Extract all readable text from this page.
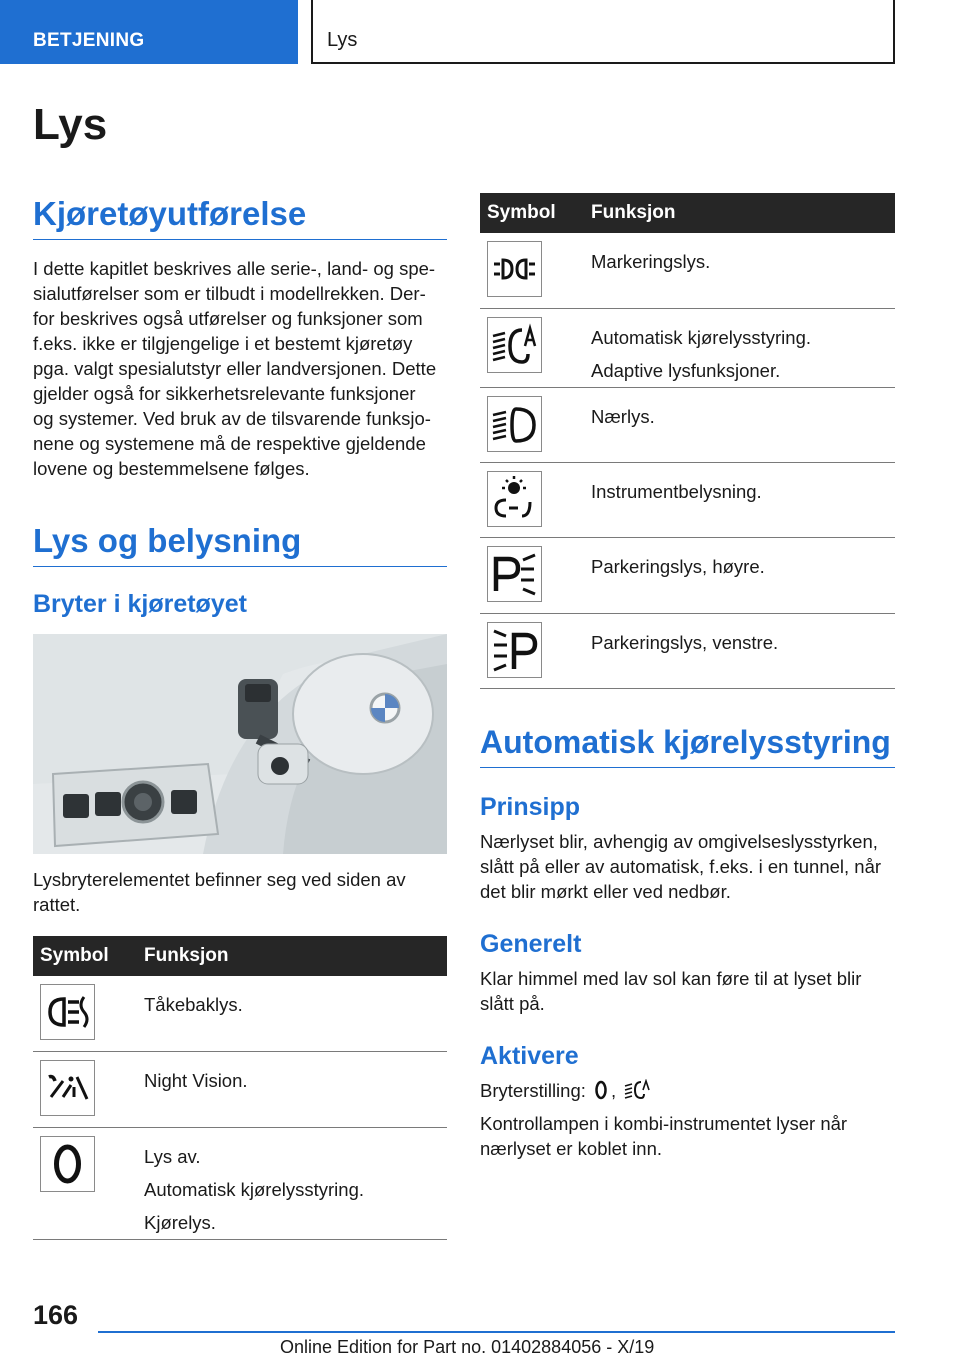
BETJENING	Lys
Lys
Kjøretøyutførelse
I dette kapitlet beskrives alle serie-, land- og spe-
sialutførelser som er tilbudt i modellrekken. Der-
for beskrives også utførelser og funksjoner som
f.eks. ikke er tilgjengelige i et bestemt kjøretøy
pga. valgt spesialutstyr eller landversjonen. Dette
gjelder også for sikkerhetsrelevante funksjoner
og systemer. Ved bruk av de tilsvarende funksjo-
nene og systemene må de respektive gjeldende
lovene og bestemmelsene følges.
Lys og belysning
Bryter i kjøretøyet
Lysbryterelementet befinner seg ved siden av
rattet.
Symbol	Funksjon

Tåkebaklys.

Night Vision.

Lys av.
Automatisk kjørelysstyring.
Kjørelys.
Symbol	Funksjon

Markeringslys.

Automatisk kjørelysstyring.
Adaptive lysfunksjoner.

Nærlys.

Instrumentbelysning.

Parkeringslys, høyre.

Parkeringslys, venstre.
Automatisk kjørelysstyring
Prinsipp
Nærlyset blir, avhengig av omgivelseslysstyrken,
slått på eller av automatisk, f.eks. i en tunnel, når
det blir mørkt eller ved nedbør.
Generelt
Klar himmel med lav sol kan føre til at lyset blir
slått på.
Aktivere
Bryterstilling: ,
Kontrollampen i kombi-instrumentet lyser når
nærlyset er koblet inn.
166
Online Edition for Part no. 01402884056 - X/19
